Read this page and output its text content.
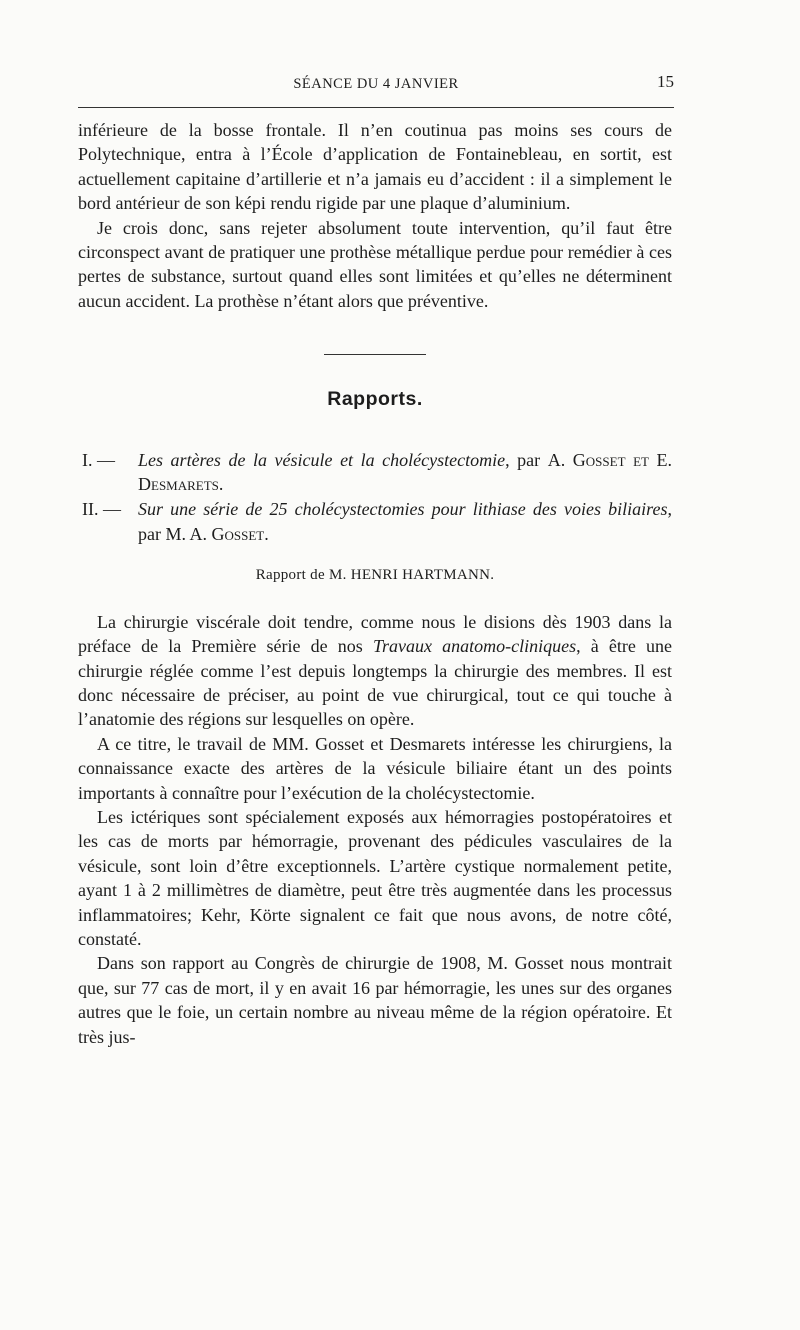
SÉANCE DU 4 JANVIER	15

inférieure de la bosse frontale. Il n’en coutinua pas moins ses cours de Polytechnique, entra à l’École d’application de Fontainebleau, en sortit, est actuellement capitaine d’artillerie et n’a jamais eu d’accident : il a simplement le bord antérieur de son képi rendu rigide par une plaque d’aluminium.

Je crois donc, sans rejeter absolument toute intervention, qu’il faut être circonspect avant de pratiquer une prothèse métallique perdue pour remédier à ces pertes de substance, surtout quand elles sont limitées et qu’elles ne déterminent aucun accident. La prothèse n’étant alors que préventive.

Rapports.
I. —	Les artères de la vésicule et la cholécystectomie, par A. Gosset et E. Desmarets.
II. — Sur une série de 25 cholécystectomies pour lithiase des voies biliaires, par M. A. Gosset.
Rapport de M. HENRI HARTMANN.

La chirurgie viscérale doit tendre, comme nous le disions dès 1903 dans la préface de la Première série de nos Travaux anatomo-cliniques, à être une chirurgie réglée comme l’est depuis longtemps la chirurgie des membres. Il est donc nécessaire de préciser, au point de vue chirurgical, tout ce qui touche à l’anatomie des régions sur lesquelles on opère.

A ce titre, le travail de MM. Gosset et Desmarets intéresse les chirurgiens, la connaissance exacte des artères de la vésicule biliaire étant un des points importants à connaître pour l’exécution de la cholécystectomie.

Les ictériques sont spécialement exposés aux hémorragies postopératoires et les cas de morts par hémorragie, provenant des pédicules vasculaires de la vésicule, sont loin d’être exceptionnels. L’artère cystique normalement petite, ayant 1 à 2 millimètres de diamètre, peut être très augmentée dans les processus inflammatoires; Kehr, Körte signalent ce fait que nous avons, de notre côté, constaté.

Dans son rapport au Congrès de chirurgie de 1908, M. Gosset nous montrait que, sur 77 cas de mort, il y en avait 16 par hémorragie, les unes sur des organes autres que le foie, un certain nombre au niveau même de la région opératoire. Et très jus-
